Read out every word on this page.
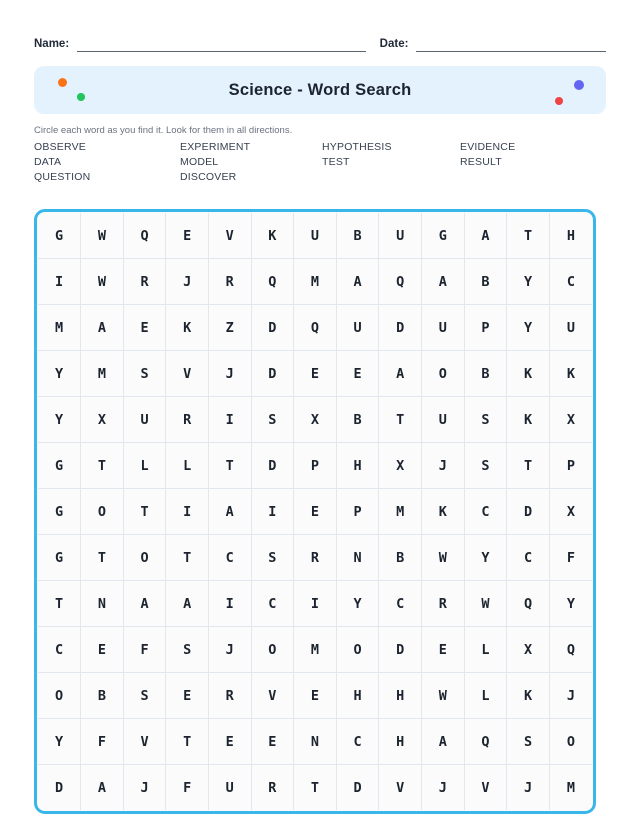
Name:	Date:
Science - Word Search
Circle each word as you find it. Look for them in all directions.
OBSERVE	EXPERIMENT	HYPOTHESIS	EVIDENCE
DATA	MODEL	TEST	RESULT
QUESTION	DISCOVER
G	W	Q	E	V	K	U	B	U	G	A	T	H
I	W	R	J	R	Q	M	A	Q	A	B	Y	C
M	A	E	K	Z	D	Q	U	D	U	P	Y	U
Y	M	S	V	J	D	E	E	A	O	B	K	K
Y	X	U	R	I	S	X	B	T	U	S	K	X
G	T	L	L	T	D	P	H	X	J	S	T	P
G	O	T	I	A	I	E	P	M	K	C	D	X
G	T	O	T	C	S	R	N	B	W	Y	C	F
T	N	A	A	I	C	I	Y	C	R	W	Q	Y
C	E	F	S	J	O	M	O	D	E	L	X	Q
O	B	S	E	R	V	E	H	H	W	L	K	J
Y	F	V	T	E	E	N	C	H	A	Q	S	O
D	A	J	F	U	R	T	D	V	J	V	J	M
